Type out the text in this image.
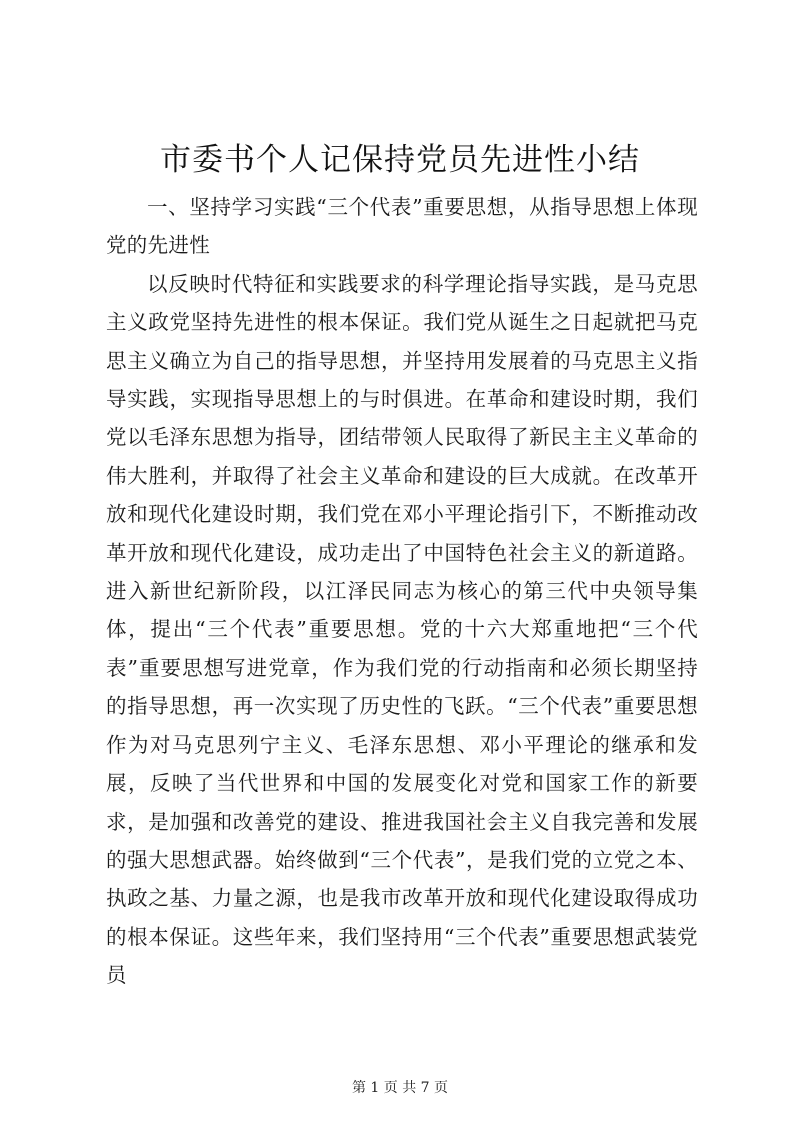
市委书个人记保持党员先进性小结

一、坚持学习实践“三个代表”重要思想，从指导思想上体现党的先进性

以反映时代特征和实践要求的科学理论指导实践，是马克思主义政党坚持先进性的根本保证。我们党从诞生之日起就把马克思主义确立为自己的指导思想，并坚持用发展着的马克思主义指导实践，实现指导思想上的与时俱进。在革命和建设时期，我们党以毛泽东思想为指导，团结带领人民取得了新民主主义革命的伟大胜利，并取得了社会主义革命和建设的巨大成就。在改革开放和现代化建设时期，我们党在邓小平理论指引下，不断推动改革开放和现代化建设，成功走出了中国特色社会主义的新道路。进入新世纪新阶段，以江泽民同志为核心的第三代中央领导集体，提出“三个代表”重要思想。党的十六大郑重地把“三个代表”重要思想写进党章，作为我们党的行动指南和必须长期坚持的指导思想，再一次实现了历史性的飞跃。“三个代表”重要思想作为对马克思列宁主义、毛泽东思想、邓小平理论的继承和发展，反映了当代世界和中国的发展变化对党和国家工作的新要求，是加强和改善党的建设、推进我国社会主义自我完善和发展的强大思想武器。始终做到“三个代表”，是我们党的立党之本、执政之基、力量之源，也是我市改革开放和现代化建设取得成功的根本保证。这些年来，我们坚持用“三个代表”重要思想武装党员

第 1 页 共 7 页
